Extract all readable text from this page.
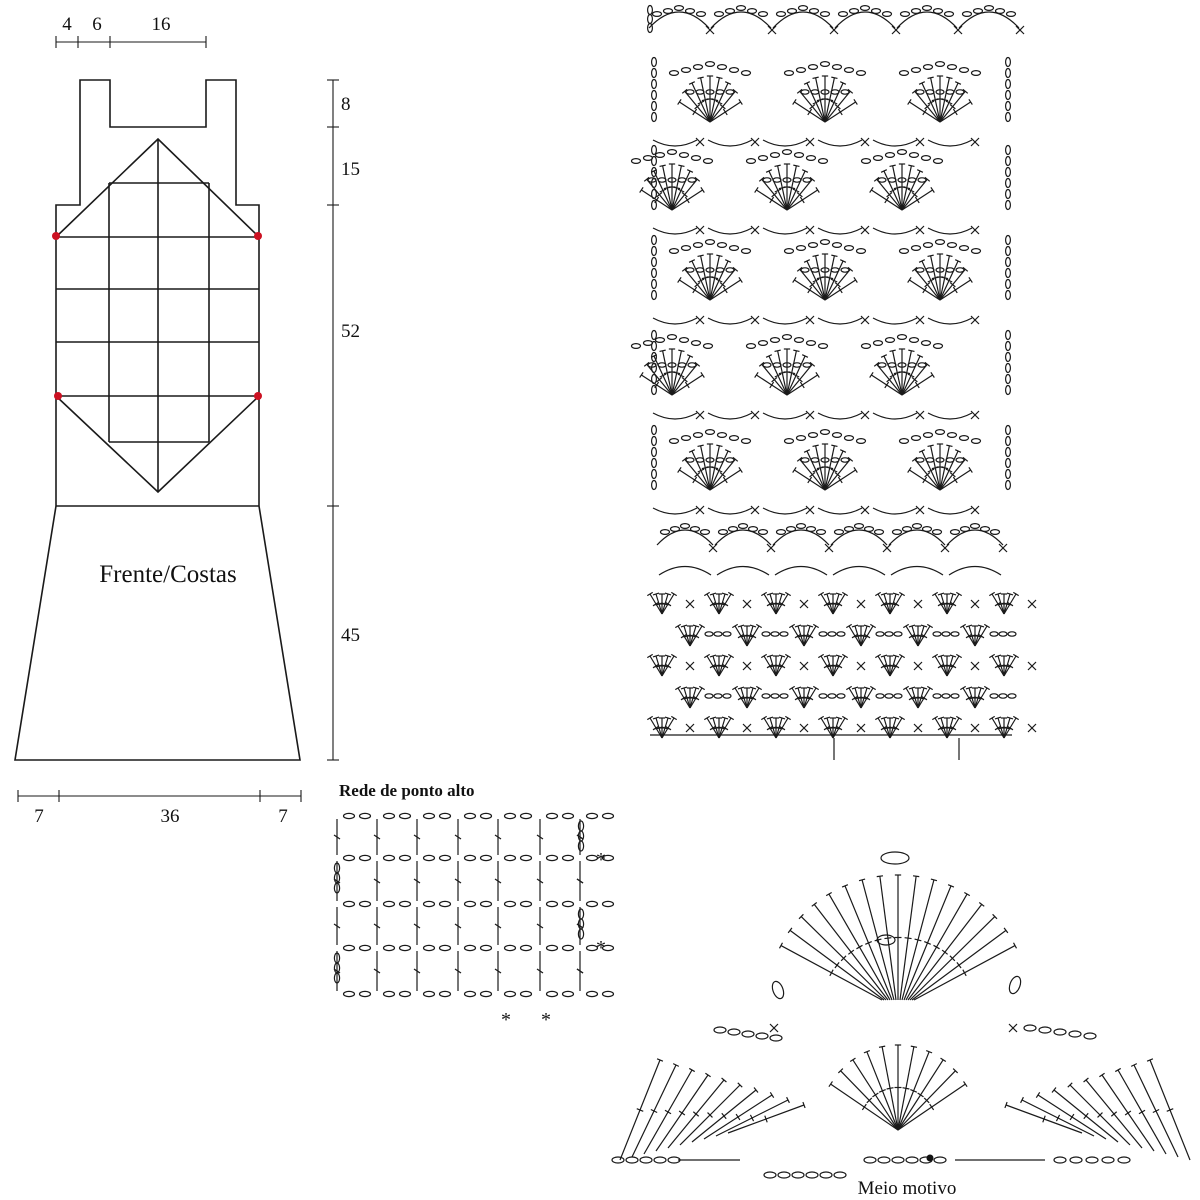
4 6	16
Frente/Costas
8
15
52
45
7	36	7
Rede de ponto alto
*
*
* *
Meio motivo
